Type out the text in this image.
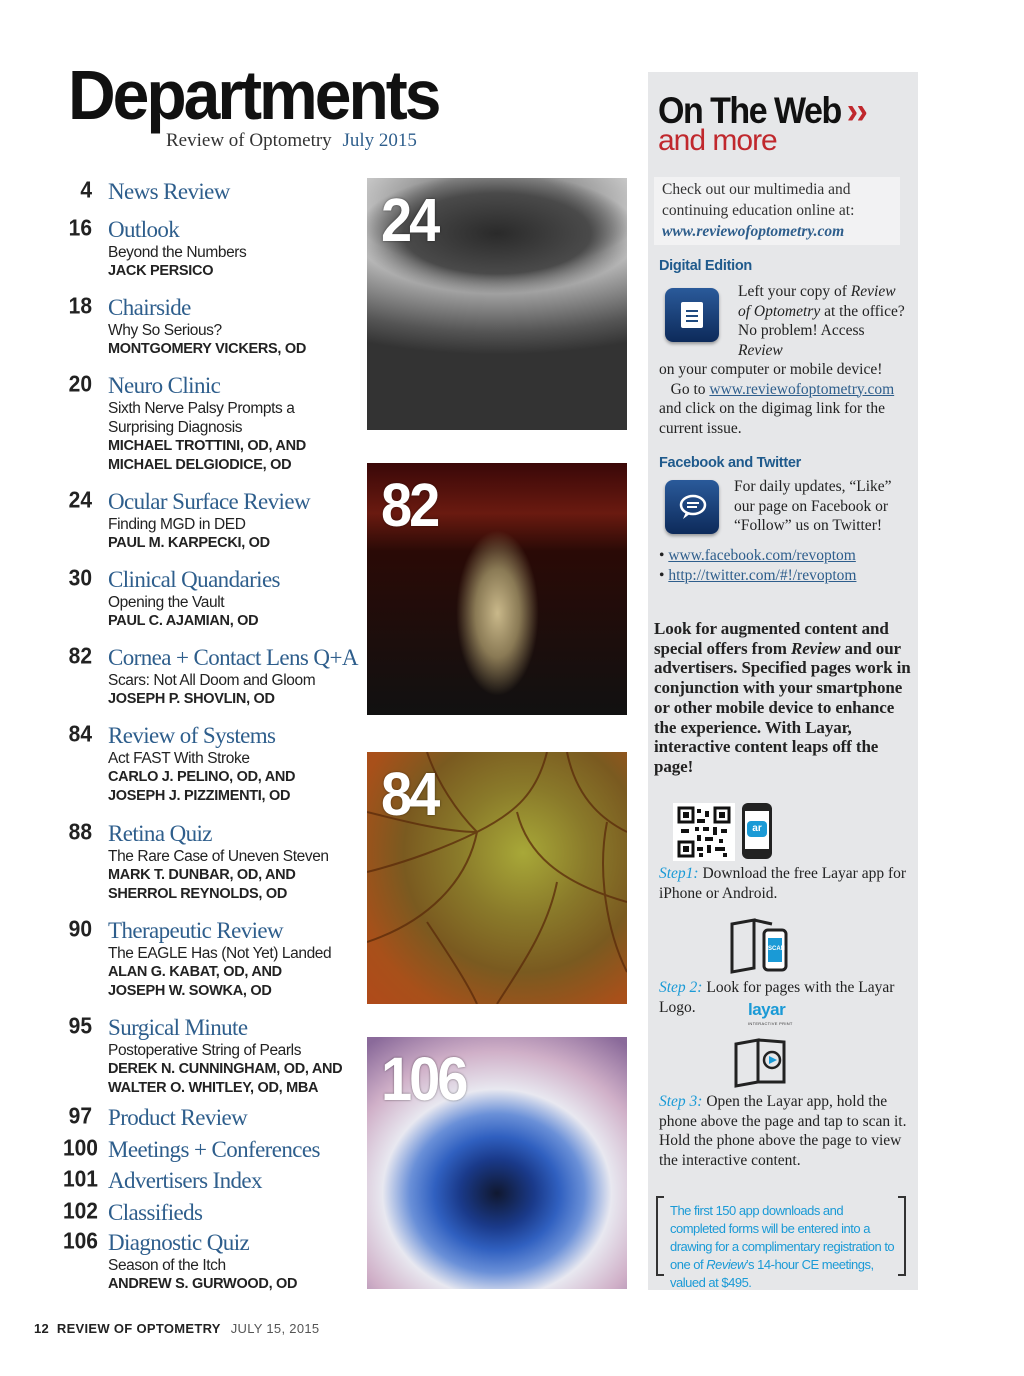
Departments
Review of Optometry July 2015
4 News Review
16 Outlook
Beyond the Numbers
JACK PERSICO
18 Chairside
Why So Serious?
MONTGOMERY VICKERS, OD
20 Neuro Clinic
Sixth Nerve Palsy Prompts a Surprising Diagnosis
MICHAEL TROTTINI, OD, AND MICHAEL DELGIODICE, OD
24 Ocular Surface Review
Finding MGD in DED
PAUL M. KARPECKI, OD
30 Clinical Quandaries
Opening the Vault
PAUL C. AJAMIAN, OD
82 Cornea + Contact Lens Q+A
Scars: Not All Doom and Gloom
JOSEPH P. SHOVLIN, OD
84 Review of Systems
Act FAST With Stroke
CARLO J. PELINO, OD, AND JOSEPH J. PIZZIMENTI, OD
88 Retina Quiz
The Rare Case of Uneven Steven
MARK T. DUNBAR, OD, AND SHERROL REYNOLDS, OD
90 Therapeutic Review
The EAGLE Has (Not Yet) Landed
ALAN G. KABAT, OD, AND JOSEPH W. SOWKA, OD
95 Surgical Minute
Postoperative String of Pearls
DEREK N. CUNNINGHAM, OD, AND WALTER O. WHITLEY, OD, MBA
97 Product Review
100 Meetings + Conferences
101 Advertisers Index
102 Classifieds
106 Diagnostic Quiz
Season of the Itch
ANDREW S. GURWOOD, OD
24
82
84
106
On The Web ››
and more
Check out our multimedia and continuing education online at:
www.reviewofoptometry.com
Digital Edition
Left your copy of Review of Optometry at the office? No problem! Access Review
on your computer or mobile device!
Go to www.reviewofoptometry.com and click on the digimag link for the current issue.
Facebook and Twitter
For daily updates, “Like” our page on Facebook or “Follow” us on Twitter!
• www.facebook.com/revoptom
• http://twitter.com/#!/revoptom
Look for augmented content and special offers from Review and our advertisers. Specified pages work in conjunction with your smartphone or other mobile device to enhance the experience. With Layar, interactive content leaps off the page!
ar
Step1: Download the free Layar app for iPhone or Android.
SCAN
Step 2: Look for pages with the Layar Logo.	layar
INTERACTIVE PRINT
Step 3: Open the Layar app, hold the phone above the page and tap to scan it. Hold the phone above the page to view the interactive content.
The first 150 app downloads and completed forms will be entered into a drawing for a complimentary registration to one of Review’s 14-hour CE meetings, valued at $495.
12 REVIEW OF OPTOMETRY JULY 15, 2015
